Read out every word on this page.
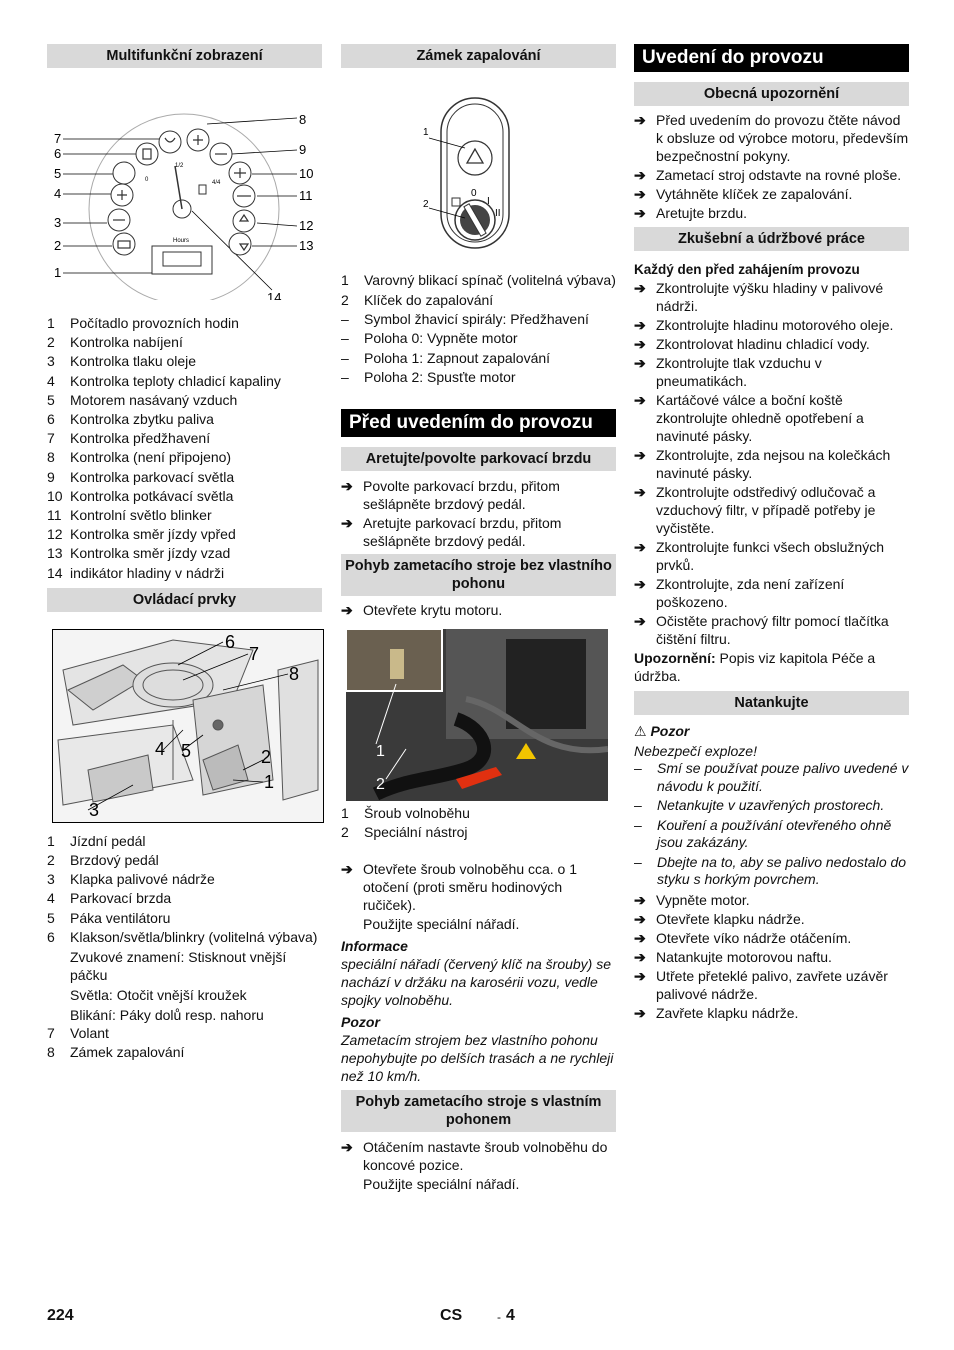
Multifunkční zobrazení
0
1/2
4/4
Hours
7
6
5
4
3
2
1
8
9
10
11
12
13
14
1 Počítadlo provozních hodin
2 Kontrolka nabíjení
3 Kontrolka tlaku oleje
4 Kontrolka teploty chladicí kapaliny
5 Motorem nasávaný vzduch
6 Kontrolka zbytku paliva
7 Kontrolka předžhavení
8 Kontrolka (není připojeno)
9 Kontrolka parkovací světla
10 Kontrolka potkávací světla
11 Kontrolní světlo blinker
12 Kontrolka směr jízdy vpřed
13 Kontrolka směr jízdy vzad
14 indikátor hladiny v nádrži
Ovládací prvky
6
7
8
4 5	2
1
3
1 Jízdní pedál
2 Brzdový pedál
3 Klapka palivové nádrže
4 Parkovací brzda
5 Páka ventilátoru
6 Klakson/světla/blinkry (volitelná výbava)
Zvukové znamení: Stisknout vnější páčku
Světla: Otočit vnější kroužek
Blikání: Páky dolů resp. nahoru
7 Volant
8 Zámek zapalování
Zámek zapalování
0
I
II
1
2
1 Varovný blikací spínač (volitelná výbava)
2 Klíček do zapalování
– Symbol žhavicí spirály: Předžhavení
– Poloha 0: Vypněte motor
– Poloha 1: Zapnout zapalování
– Poloha 2: Spusťte motor
Před uvedením do provozu
Aretujte/povolte parkovací brzdu
➔ Povolte parkovací brzdu, přitom sešlápněte brzdový pedál.
➔ Aretujte parkovací brzdu, přitom sešlápněte brzdový pedál.
Pohyb zametacího stroje bez vlastního pohonu
➔ Otevřete krytu motoru.
1
2
1 Šroub volnoběhu
2 Speciální nástroj
➔ Otevřete šroub volnoběhu cca. o 1 otočení (proti směru hodinových ručiček).
Použijte speciální nářadí.
Informace
speciální nářadí (červený klíč na šrouby) se nachází v držáku na karosérii vozu, vedle spojky volnoběhu.
Pozor
Zametacím strojem bez vlastního pohonu nepohybujte po delších trasách a ne rychleji než 10 km/h.
Pohyb zametacího stroje s vlastním pohonem
➔ Otáčením nastavte šroub volnoběhu do koncové pozice.
Použijte speciální nářadí.
Uvedení do provozu
Obecná upozornění
➔ Před uvedením do provozu čtěte návod k obsluze od výrobce motoru, především bezpečnostní pokyny.
➔ Zametací stroj odstavte na rovné ploše.
➔ Vytáhněte klíček ze zapalování.
➔ Aretujte brzdu.
Zkušební a údržbové práce
Každý den před zahájením provozu
➔ Zkontrolujte výšku hladiny v palivové nádrži.
➔ Zkontrolujte hladinu motorového oleje.
➔ Zkontrolovat hladinu chladicí vody.
➔ Zkontrolujte tlak vzduchu v pneumatikách.
➔ Kartáčové válce a boční koště zkontrolujte ohledně opotřebení a navinuté pásky.
➔ Zkontrolujte, zda nejsou na kolečkách navinuté pásky.
➔ Zkontrolujte odstředivý odlučovač a vzduchový filtr, v případě potřeby je vyčistěte.
➔ Zkontrolujte funkci všech obslužných prvků.
➔ Zkontrolujte, zda není zařízení poškozeno.
➔ Očistěte prachový filtr pomocí tlačítka čištění filtru.
Upozornění: Popis viz kapitola Péče a údržba.
Natankujte
⚠ Pozor
Nebezpečí exploze!
– Smí se používat pouze palivo uvedené v návodu k použití.
– Netankujte v uzavřených prostorech.
– Kouření a používání otevřeného ohně jsou zakázány.
– Dbejte na to, aby se palivo nedostalo do styku s horkým povrchem.
➔ Vypněte motor.
➔ Otevřete klapku nádrže.
➔ Otevřete víko nádrže otáčením.
➔ Natankujte motorovou naftu.
➔ Utřete přeteklé palivo, zavřete uzávěr palivové nádrže.
➔ Zavřete klapku nádrže.
224	CS	- 4
